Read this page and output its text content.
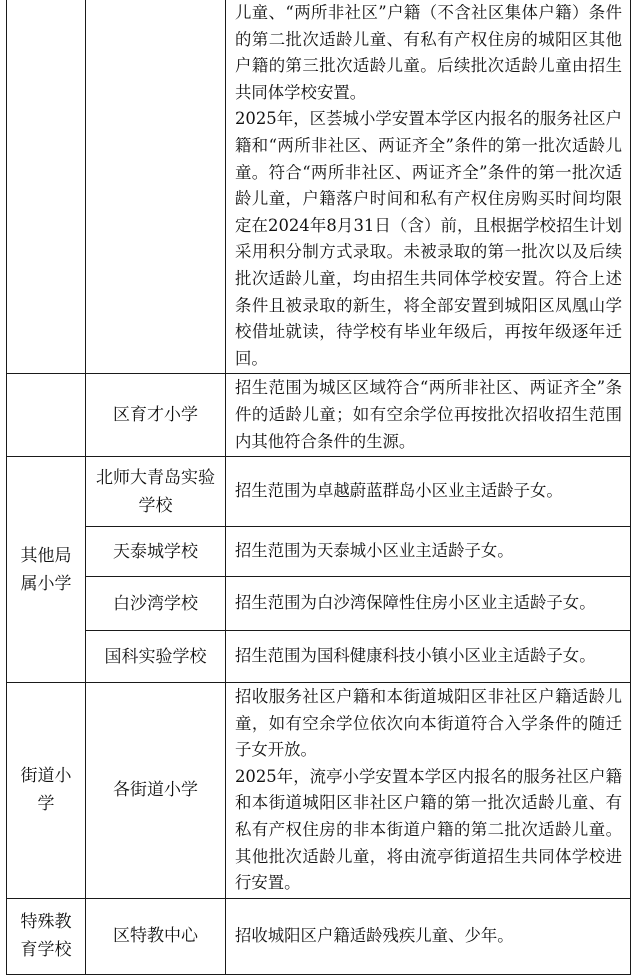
		儿童、“两所非社区”户籍（不含社区集体户籍）条件的第二批次适龄儿童、有私有产权住房的城阳区其他户籍的第三批次适龄儿童。后续批次适龄儿童由招生共同体学校安置。

2025年，区荟城小学安置本学区内报名的服务社区户籍和“两所非社区、两证齐全”条件的第一批次适龄儿童。符合“两所非社区、两证齐全”条件的第一批次适龄儿童，户籍落户时间和私有产权住房购买时间均限定在2024年8月31日（含）前，且根据学校招生计划采用积分制方式录取。未被录取的第一批次以及后续批次适龄儿童，均由招生共同体学校安置。符合上述条件且被录取的新生，将全部安置到城阳区凤凰山学校借址就读，待学校有毕业年级后，再按年级逐年迁回。

	区育才小学	招生范围为城区区域符合“两所非社区、两证齐全”条件的适龄儿童；如有空余学位再按批次招收招生范围内其他符合条件的生源。

其他局属小学	北师大青岛实验学校	招生范围为卓越蔚蓝群岛小区业主适龄子女。
	天泰城学校	招生范围为天泰城小区业主适龄子女。
	白沙湾学校	招生范围为白沙湾保障性住房小区业主适龄子女。
	国科实验学校	招生范围为国科健康科技小镇小区业主适龄子女。
街道小学	各街道小学	招收服务社区户籍和本街道城阳区非社区户籍适龄儿童，如有空余学位依次向本街道符合入学条件的随迁子女开放。

2025年，流亭小学安置本学区内报名的服务社区户籍和本街道城阳区非社区户籍的第一批次适龄儿童、有私有产权住房的非本街道户籍的第二批次适龄儿童。其他批次适龄儿童，将由流亭街道招生共同体学校进行安置。

特殊教育学校	区特教中心	招收城阳区户籍适龄残疾儿童、少年。
